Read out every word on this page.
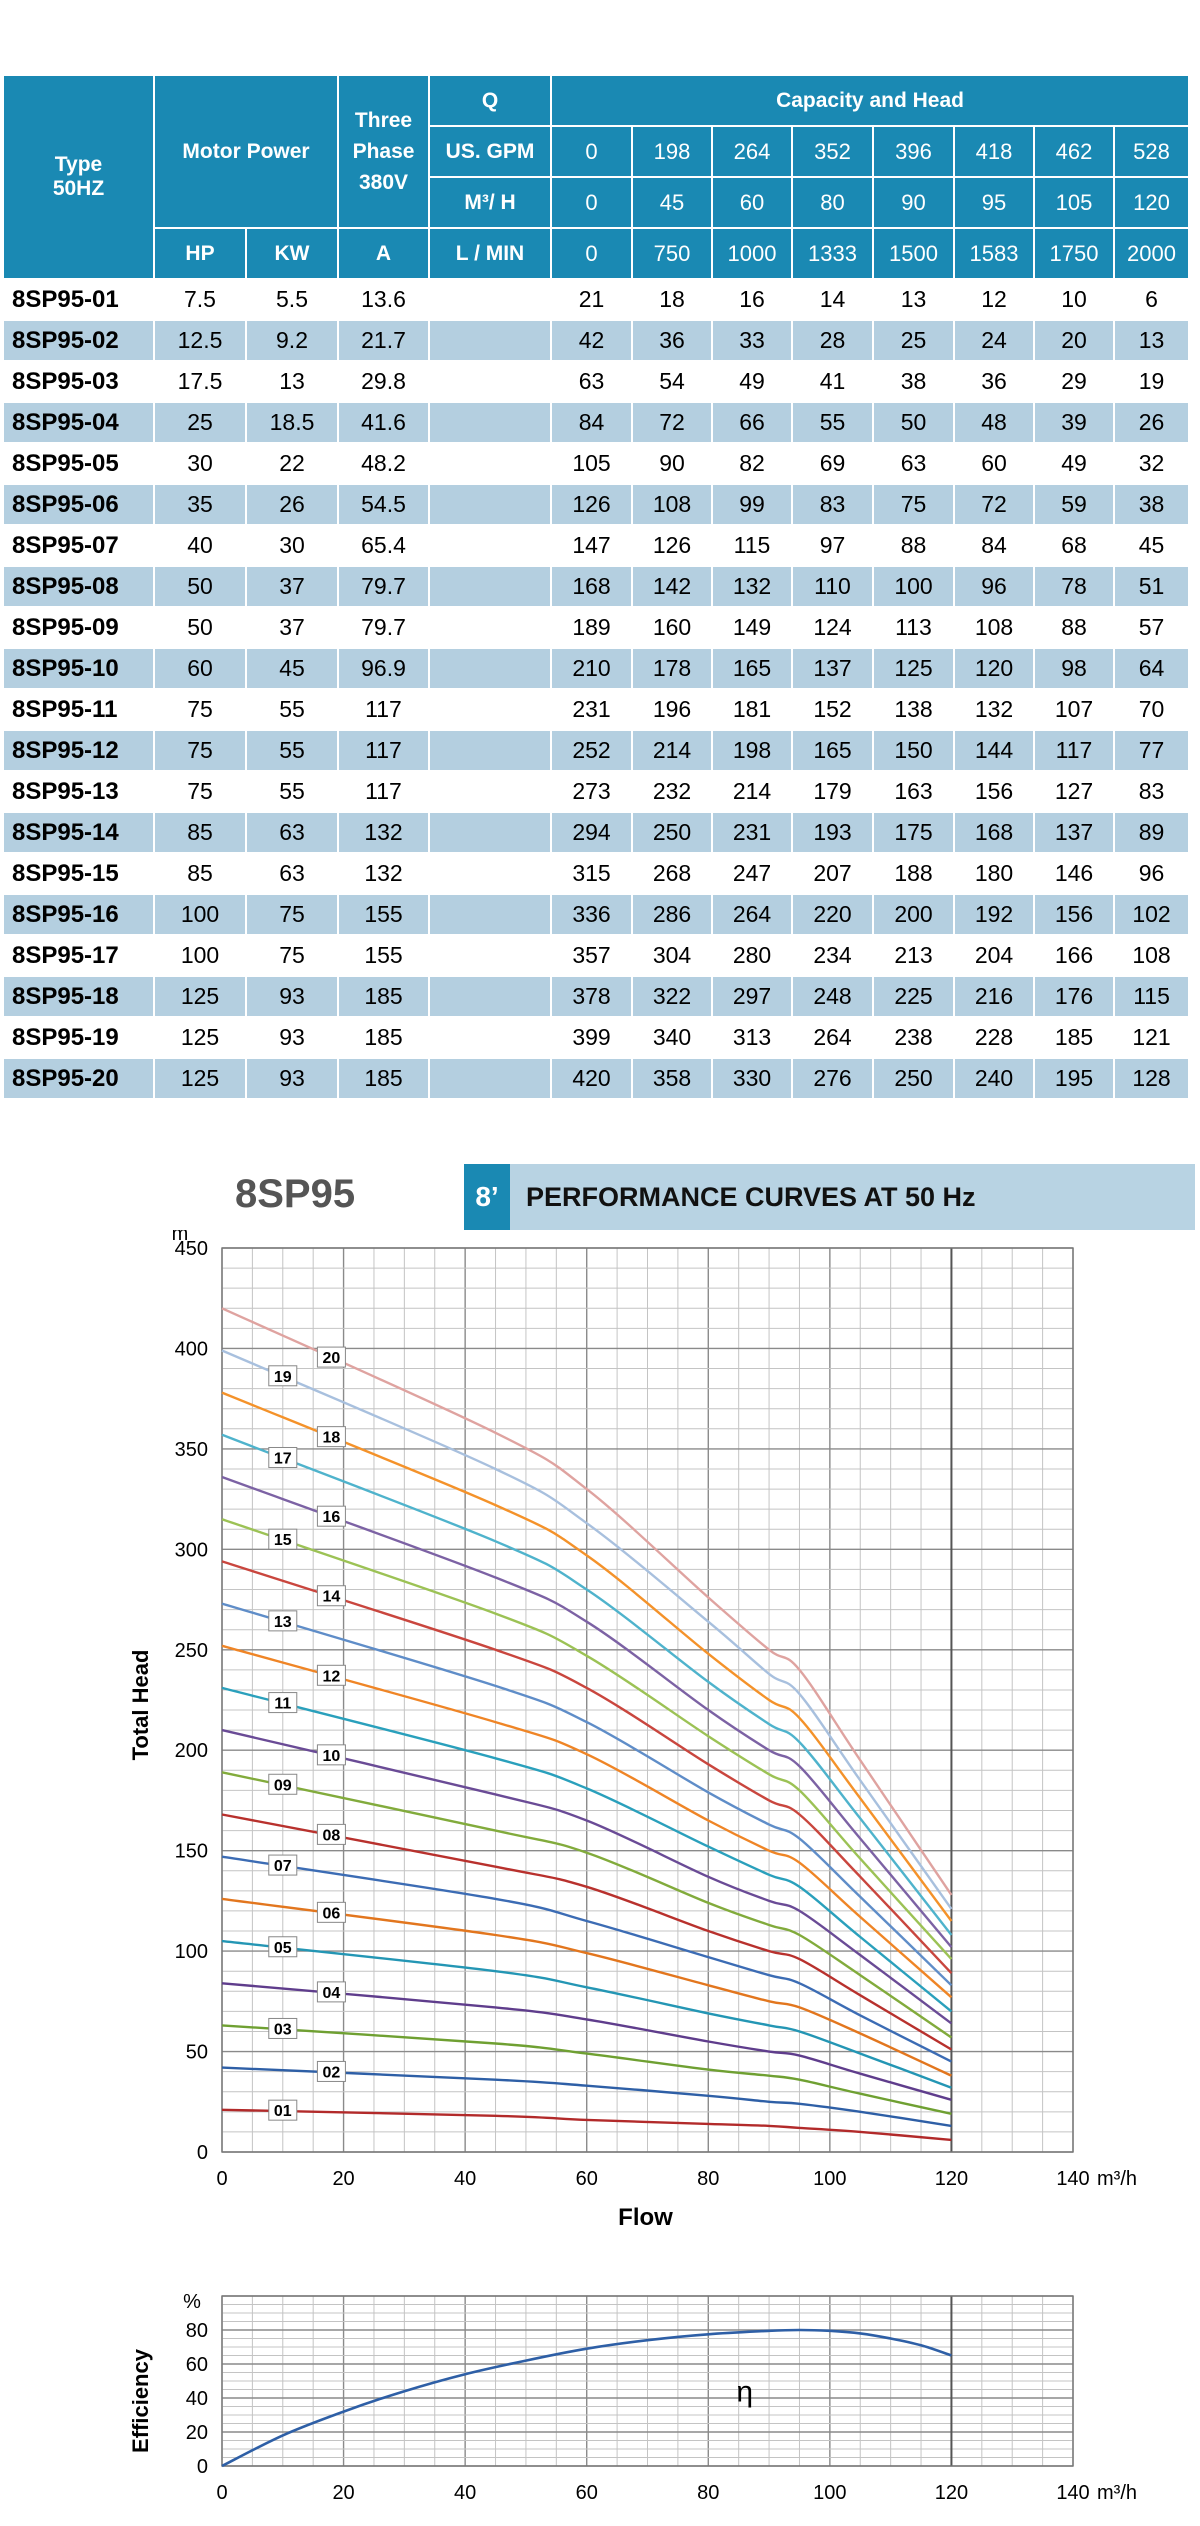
Type
50HZ	Motor Power		Three Phase 380V	Q	Capacity and Head							
				US. GPM	0	198	264	352	396	418	462	528
				M³/ H	0	45	60	80	90	95	105	120
	HP	KW	A	L / MIN	0	750	1000	1333	1500	1583	1750	2000
8SP95-01	7.5	5.5	13.6		21	18	16	14	13	12	10	6
8SP95-02	12.5	9.2	21.7		42	36	33	28	25	24	20	13
8SP95-03	17.5	13	29.8		63	54	49	41	38	36	29	19
8SP95-04	25	18.5	41.6		84	72	66	55	50	48	39	26
8SP95-05	30	22	48.2		105	90	82	69	63	60	49	32
8SP95-06	35	26	54.5		126	108	99	83	75	72	59	38
8SP95-07	40	30	65.4		147	126	115	97	88	84	68	45
8SP95-08	50	37	79.7		168	142	132	110	100	96	78	51
8SP95-09	50	37	79.7		189	160	149	124	113	108	88	57
8SP95-10	60	45	96.9		210	178	165	137	125	120	98	64
8SP95-11	75	55	117		231	196	181	152	138	132	107	70
8SP95-12	75	55	117		252	214	198	165	150	144	117	77
8SP95-13	75	55	117		273	232	214	179	163	156	127	83
8SP95-14	85	63	132		294	250	231	193	175	168	137	89
8SP95-15	85	63	132		315	268	247	207	188	180	146	96
8SP95-16	100	75	155		336	286	264	220	200	192	156	102
8SP95-17	100	75	155		357	304	280	234	213	204	166	108
8SP95-18	125	93	185		378	322	297	248	225	216	176	115
8SP95-19	125	93	185		399	340	313	264	238	228	185	121
8SP95-20	125	93	185		420	358	330	276	250	240	195	128
8SP95	8ʼ	PERFORMANCE CURVES AT 50 Hz
0
50
100
150
200
250
300
350
400
450
0	20	40	60	80	100	120	140
m
m³/h
Flow
Total Head
01
02
03
04
05
06
07
08
09
10
11
12
13
14
15
16
17
18
19
20
0
20
40
60
80
0	20	40	60	80	100	120	140
%
m³/h
Efficiency	η
